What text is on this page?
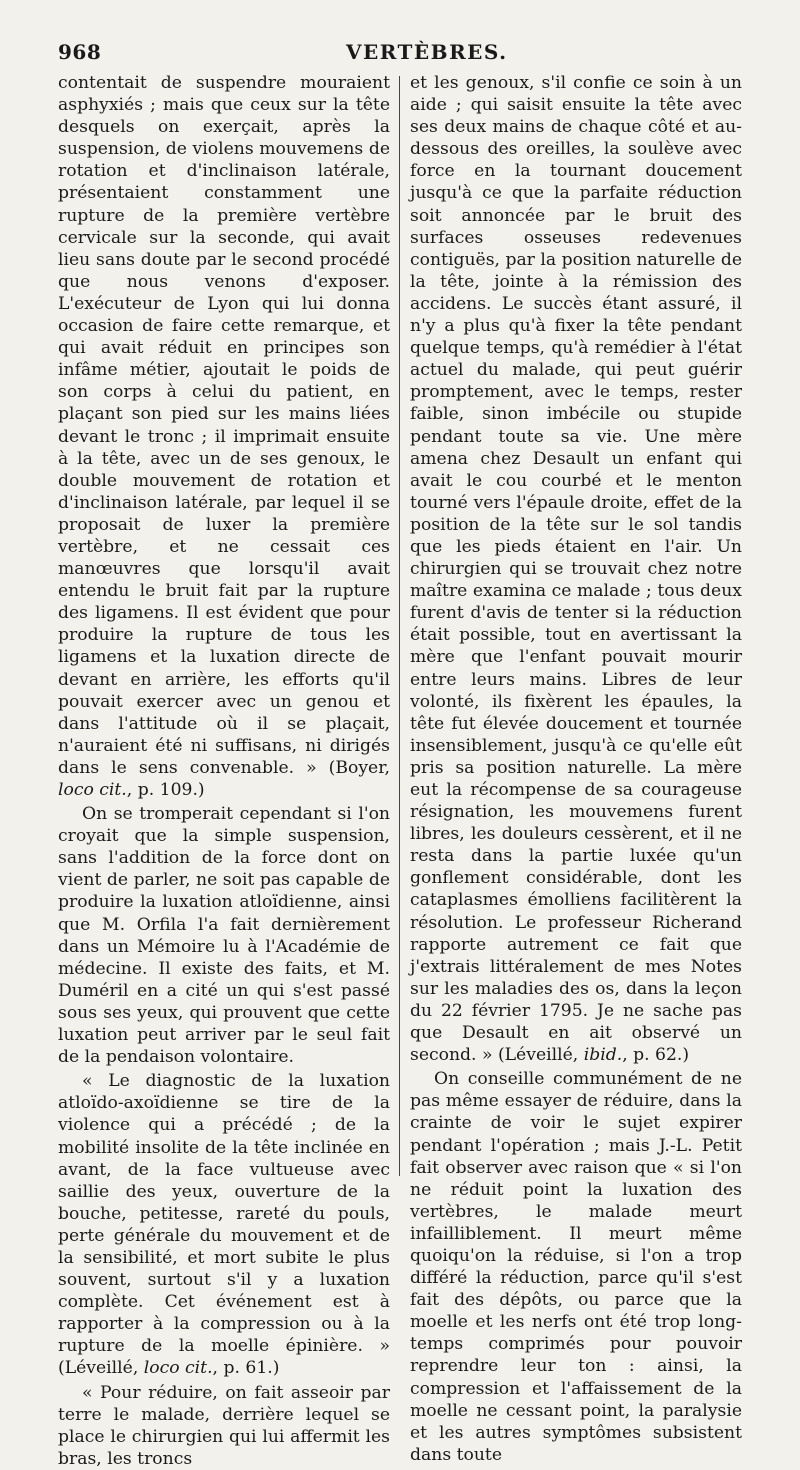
968	VERTÈBRES.

contentait de suspendre mouraient asphyxiés ; mais que ceux sur la tête desquels on exerçait, après la suspension, de violens mouvemens de rotation et d'inclinaison latérale, présentaient constamment une rupture de la première vertèbre cervicale sur la seconde, qui avait lieu sans doute par le second procédé que nous venons d'exposer. L'exécuteur de Lyon qui lui donna occasion de faire cette remarque, et qui avait réduit en principes son infâme métier, ajoutait le poids de son corps à celui du patient, en plaçant son pied sur les mains liées devant le tronc ; il imprimait ensuite à la tête, avec un de ses genoux, le double mouvement de rotation et d'inclinaison latérale, par lequel il se proposait de luxer la première vertèbre, et ne cessait ces manœuvres que lorsqu'il avait entendu le bruit fait par la rupture des ligamens. Il est évident que pour produire la rupture de tous les ligamens et la luxation directe de devant en arrière, les efforts qu'il pouvait exercer avec un genou et dans l'attitude où il se plaçait, n'auraient été ni suffisans, ni dirigés dans le sens convenable. » (Boyer, loco cit., p. 109.)

On se tromperait cependant si l'on croyait que la simple suspension, sans l'addition de la force dont on vient de parler, ne soit pas capable de produire la luxation atloïdienne, ainsi que M. Orfila l'a fait dernièrement dans un Mémoire lu à l'Académie de médecine. Il existe des faits, et M. Duméril en a cité un qui s'est passé sous ses yeux, qui prouvent que cette luxation peut arriver par le seul fait de la pendaison volontaire.

« Le diagnostic de la luxation atloïdo-axoïdienne se tire de la violence qui a précédé ; de la mobilité insolite de la tête inclinée en avant, de la face vultueuse avec saillie des yeux, ouverture de la bouche, petitesse, rareté du pouls, perte générale du mouvement et de la sensibilité, et mort subite le plus souvent, surtout s'il y a luxation complète. Cet événement est à rapporter à la compression ou à la rupture de la moelle épinière. » (Léveillé, loco cit., p. 61.)

« Pour réduire, on fait asseoir par terre le malade, derrière lequel se place le chirurgien qui lui affermit les bras, les troncs

et les genoux, s'il confie ce soin à un aide ; qui saisit ensuite la tête avec ses deux mains de chaque côté et au-dessous des oreilles, la soulève avec force en la tournant doucement jusqu'à ce que la parfaite réduction soit annoncée par le bruit des surfaces osseuses redevenues contiguës, par la position naturelle de la tête, jointe à la rémission des accidens. Le succès étant assuré, il n'y a plus qu'à fixer la tête pendant quelque temps, qu'à remédier à l'état actuel du malade, qui peut guérir promptement, avec le temps, rester faible, sinon imbécile ou stupide pendant toute sa vie. Une mère amena chez Desault un enfant qui avait le cou courbé et le menton tourné vers l'épaule droite, effet de la position de la tête sur le sol tandis que les pieds étaient en l'air. Un chirurgien qui se trouvait chez notre maître examina ce malade ; tous deux furent d'avis de tenter si la réduction était possible, tout en avertissant la mère que l'enfant pouvait mourir entre leurs mains. Libres de leur volonté, ils fixèrent les épaules, la tête fut élevée doucement et tournée insensiblement, jusqu'à ce qu'elle eût pris sa position naturelle. La mère eut la récompense de sa courageuse résignation, les mouvemens furent libres, les douleurs cessèrent, et il ne resta dans la partie luxée qu'un gonflement considérable, dont les cataplasmes émolliens facilitèrent la résolution. Le professeur Richerand rapporte autrement ce fait que j'extrais littéralement de mes Notes sur les maladies des os, dans la leçon du 22 février 1795. Je ne sache pas que Desault en ait observé un second. » (Léveillé, ibid., p. 62.)

On conseille communément de ne pas même essayer de réduire, dans la crainte de voir le sujet expirer pendant l'opération ; mais J.-L. Petit fait observer avec raison que « si l'on ne réduit point la luxation des vertèbres, le malade meurt infailliblement. Il meurt même quoiqu'on la réduise, si l'on a trop différé la réduction, parce qu'il s'est fait des dépôts, ou parce que la moelle et les nerfs ont été trop long-temps comprimés pour pouvoir reprendre leur ton : ainsi, la compression et l'affaissement de la moelle ne cessant point, la paralysie et les autres symptômes subsistent dans toute
